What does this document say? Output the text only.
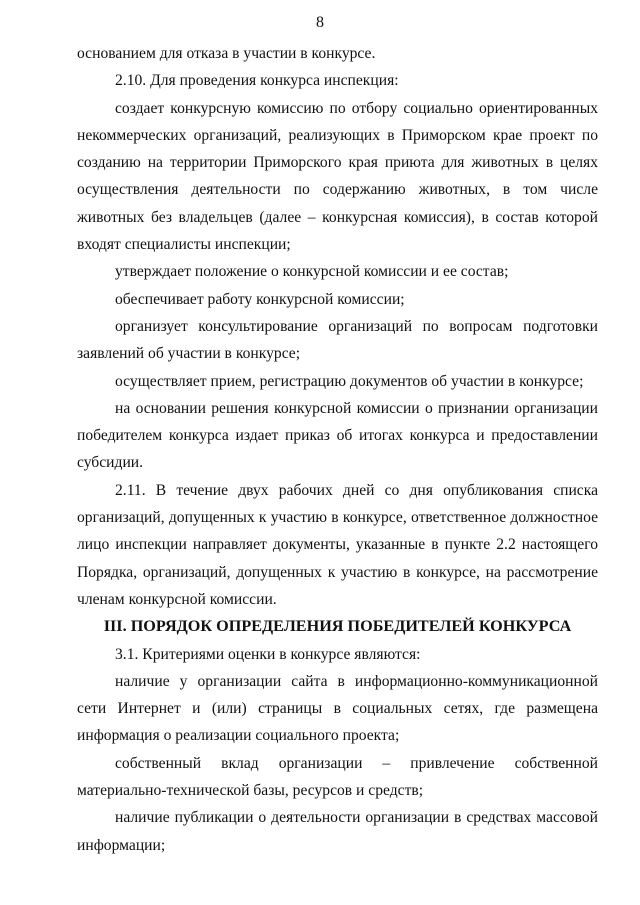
8

основанием для отказа в участии в конкурсе.

2.10. Для проведения конкурса инспекция:

создает конкурсную комиссию по отбору социально ориентированных некоммерческих организаций, реализующих в Приморском крае проект по созданию на территории Приморского края приюта для животных в целях осуществления деятельности по содержанию животных, в том числе животных без владельцев (далее – конкурсная комиссия), в состав которой входят специалисты инспекции;

утверждает положение о конкурсной комиссии и ее состав;

обеспечивает работу конкурсной комиссии;

организует консультирование организаций по вопросам подготовки заявлений об участии в конкурсе;

осуществляет прием, регистрацию документов об участии в конкурсе;

на основании решения конкурсной комиссии о признании организации победителем конкурса издает приказ об итогах конкурса и предоставлении субсидии.

2.11. В течение двух рабочих дней со дня опубликования списка организаций, допущенных к участию в конкурсе, ответственное должностное лицо инспекции направляет документы, указанные в пункте 2.2 настоящего Порядка, организаций, допущенных к участию в конкурсе, на рассмотрение членам конкурсной комиссии.

III. ПОРЯДОК ОПРЕДЕЛЕНИЯ ПОБЕДИТЕЛЕЙ КОНКУРСА

3.1. Критериями оценки в конкурсе являются:

наличие у организации сайта в информационно-коммуникационной сети Интернет и (или) страницы в социальных сетях, где размещена информация о реализации социального проекта;

собственный вклад организации – привлечение собственной материально-технической базы, ресурсов и средств;

наличие публикации о деятельности организации в средствах массовой информации;
